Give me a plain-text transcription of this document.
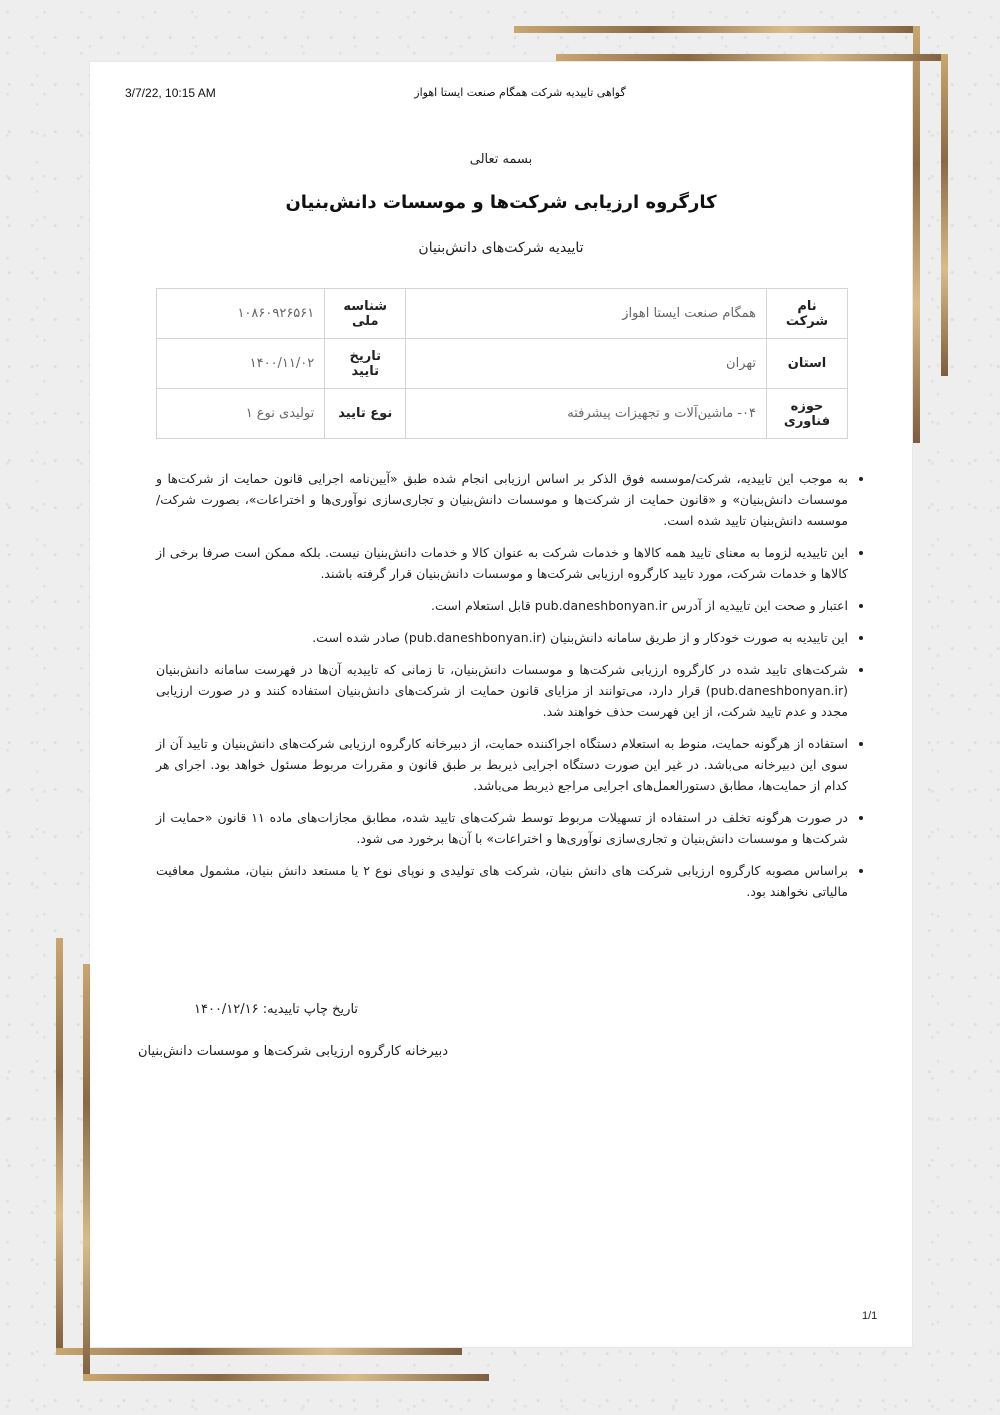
3/7/22, 10:15 AM	گواهی تاییدیه شرکت همگام صنعت ایستا اهواز
بسمه تعالی
کارگروه ارزیابی شرکت‌ها و موسسات دانش‌بنیان
تاییدیه شرکت‌های دانش‌بنیان
نام شرکت	همگام صنعت ایستا اهواز	شناسه ملی	۱۰۸۶۰۹۲۶۵۶۱
استان	تهران	تاریخ تایید	۱۴۰۰/۱۱/۰۲
حوزه فناوری	۰۴- ماشین‌آلات و تجهیزات پیشرفته	نوع تایید	تولیدی نوع ۱
• به موجب این تاییدیه، شرکت/موسسه فوق الذکر بر اساس ارزیابی انجام شده طبق «آیین‌نامه اجرایی قانون حمایت از شرکت‌ها و موسسات دانش‌بنیان» و «قانون حمایت از شرکت‌ها و موسسات دانش‌بنیان و تجاری‌سازی نوآوری‌ها و اختراعات»، بصورت شرکت/موسسه دانش‌بنیان تایید شده است.
• این تاییدیه لزوما به معنای تایید همه کالاها و خدمات شرکت به عنوان کالا و خدمات دانش‌بنیان نیست. بلکه ممکن است صرفا برخی از کالاها و خدمات شرکت، مورد تایید کارگروه ارزیابی شرکت‌ها و موسسات دانش‌بنیان قرار گرفته باشند.
• اعتبار و صحت این تاییدیه از آدرس pub.daneshbonyan.ir قابل استعلام است.
• این تاییدیه به صورت خودکار و از طریق سامانه دانش‌بنیان (pub.daneshbonyan.ir) صادر شده است.
• شرکت‌های تایید شده در کارگروه ارزیابی شرکت‌ها و موسسات دانش‌بنیان، تا زمانی که تاییدیه آن‌ها در فهرست سامانه دانش‌بنیان (pub.daneshbonyan.ir) قرار دارد، می‌توانند از مزایای قانون حمایت از شرکت‌های دانش‌بنیان استفاده کنند و در صورت ارزیابی مجدد و عدم تایید شرکت، از این فهرست حذف خواهند شد.
• استفاده از هرگونه حمایت، منوط به استعلام دستگاه اجراکننده حمایت، از دبیرخانه کارگروه ارزیابی شرکت‌های دانش‌بنیان و تایید آن از سوی این دبیرخانه می‌باشد. در غیر این صورت دستگاه اجرایی ذیربط بر طبق قانون و مقررات مربوط مسئول خواهد بود. اجرای هر کدام از حمایت‌ها، مطابق دستورالعمل‌های اجرایی مراجع ذیربط می‌باشد.
• در صورت هرگونه تخلف در استفاده از تسهیلات مربوط توسط شرکت‌های تایید شده، مطابق مجازات‌های ماده ۱۱ قانون «حمایت از شرکت‌ها و موسسات دانش‌بنیان و تجاری‌سازی نوآوری‌ها و اختراعات» با آن‌ها برخورد می شود.
• براساس مصوبه کارگروه ارزیابی شرکت های دانش بنیان، شرکت های تولیدی و نوپای نوع ۲ یا مستعد دانش بنیان، مشمول معافیت مالیاتی نخواهند بود.
تاریخ چاپ تاییدیه: ۱۴۰۰/۱۲/۱۶
دبیرخانه کارگروه ارزیابی شرکت‌ها و موسسات دانش‌بنیان
1/1
